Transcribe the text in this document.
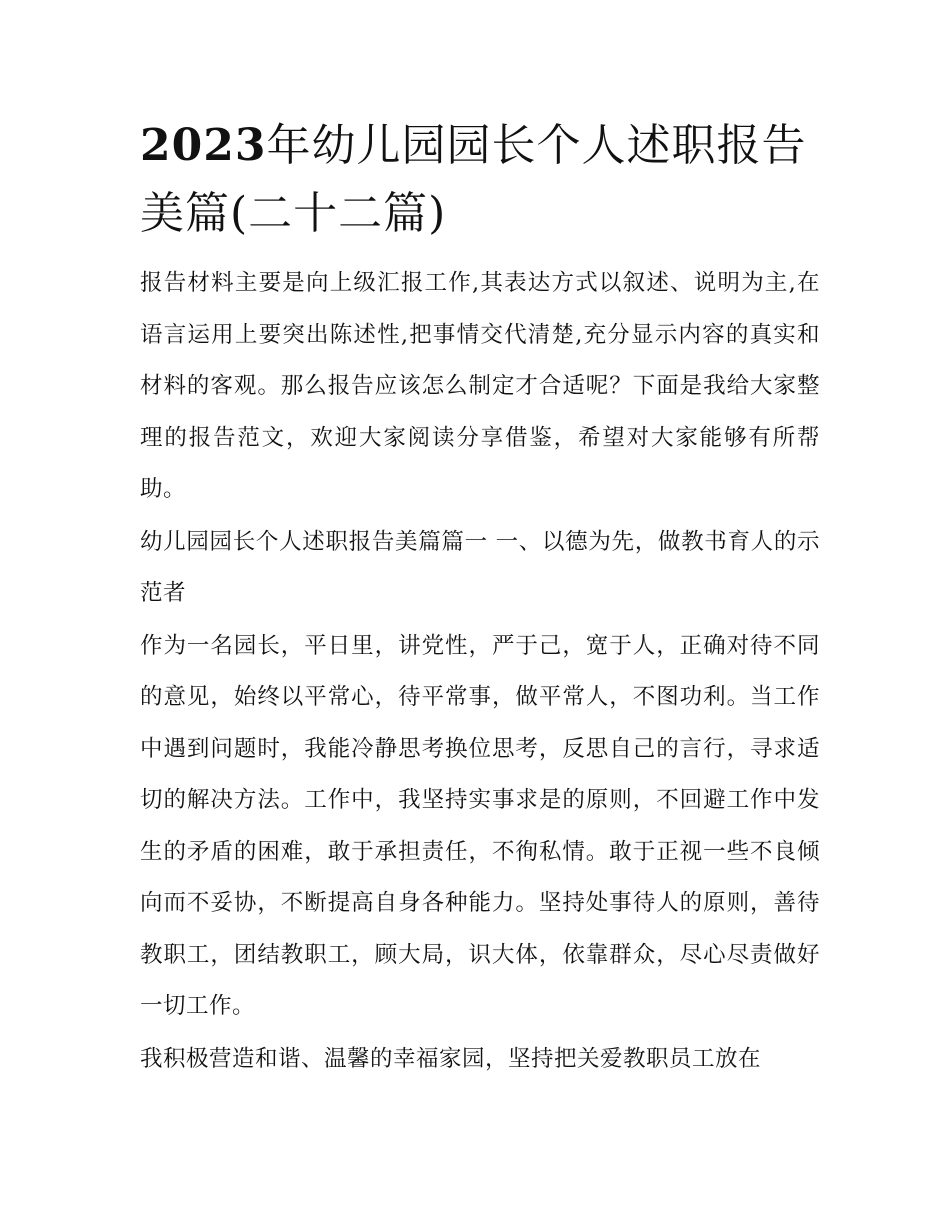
2023年幼儿园园长个人述职报告美篇(二十二篇)

报告材料主要是向上级汇报工作,其表达方式以叙述、说明为主,在语言运用上要突出陈述性,把事情交代清楚,充分显示内容的真实和材料的客观。那么报告应该怎么制定才合适呢？下面是我给大家整理的报告范文，欢迎大家阅读分享借鉴，希望对大家能够有所帮助。

幼儿园园长个人述职报告美篇篇一 一、以德为先，做教书育人的示范者

作为一名园长，平日里，讲党性，严于己，宽于人，正确对待不同的意见，始终以平常心，待平常事，做平常人，不图功利。当工作中遇到问题时，我能冷静思考换位思考，反思自己的言行，寻求适切的解决方法。工作中，我坚持实事求是的原则，不回避工作中发生的矛盾的困难，敢于承担责任，不徇私情。敢于正视一些不良倾向而不妥协，不断提高自身各种能力。坚持处事待人的原则，善待教职工，团结教职工，顾大局，识大体，依靠群众，尽心尽责做好一切工作。

我积极营造和谐、温馨的幸福家园，坚持把关爱教职员工放在
